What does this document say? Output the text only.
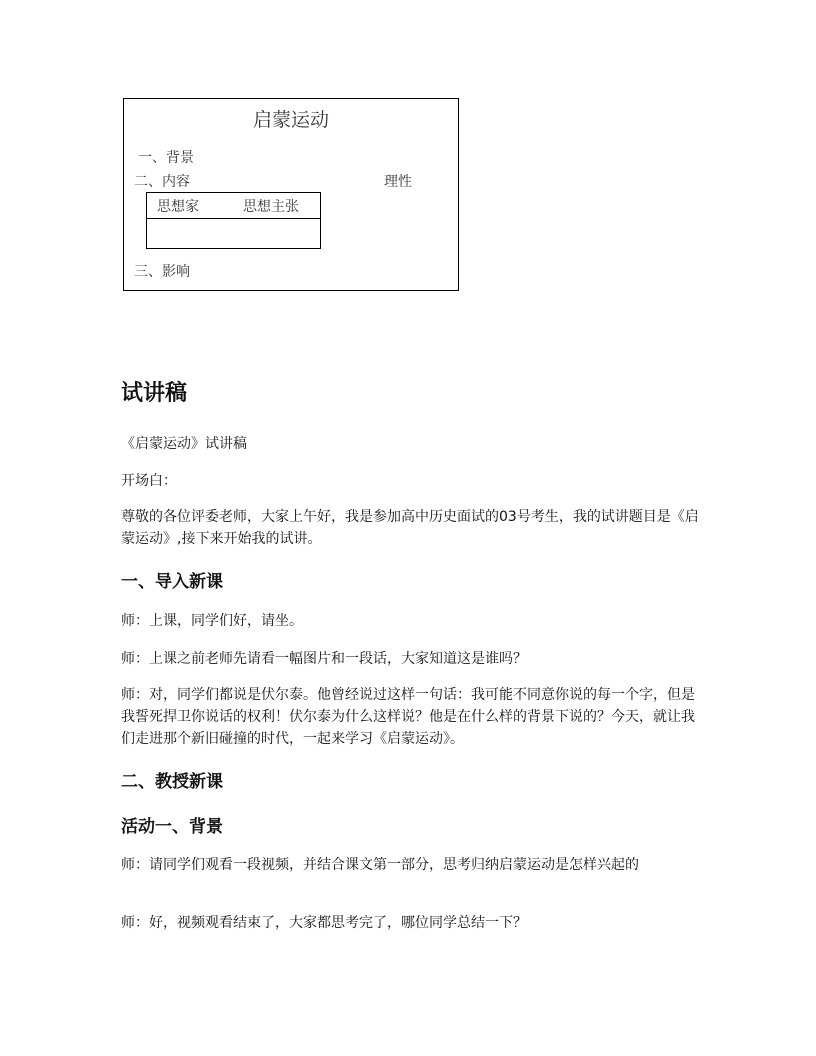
启蒙运动
一、背景
二、内容	理性
思想家	思想主张
三、影响
试讲稿
《启蒙运动》试讲稿
开场白：
尊敬的各位评委老师，大家上午好，我是参加高中历史面试的03号考生，我的试讲题目是《启蒙运动》,接下来开始我的试讲。
一、导入新课
师：上课，同学们好，请坐。
师：上课之前老师先请看一幅图片和一段话，大家知道这是谁吗？
师：对，同学们都说是伏尔泰。他曾经说过这样一句话：我可能不同意你说的每一个字，但是我誓死捍卫你说话的权利！伏尔泰为什么这样说？他是在什么样的背景下说的？今天，就让我们走进那个新旧碰撞的时代，一起来学习《启蒙运动》。
二、教授新课
活动一、背景
师：请同学们观看一段视频，并结合课文第一部分，思考归纳启蒙运动是怎样兴起的
师：好，视频观看结束了，大家都思考完了，哪位同学总结一下？
